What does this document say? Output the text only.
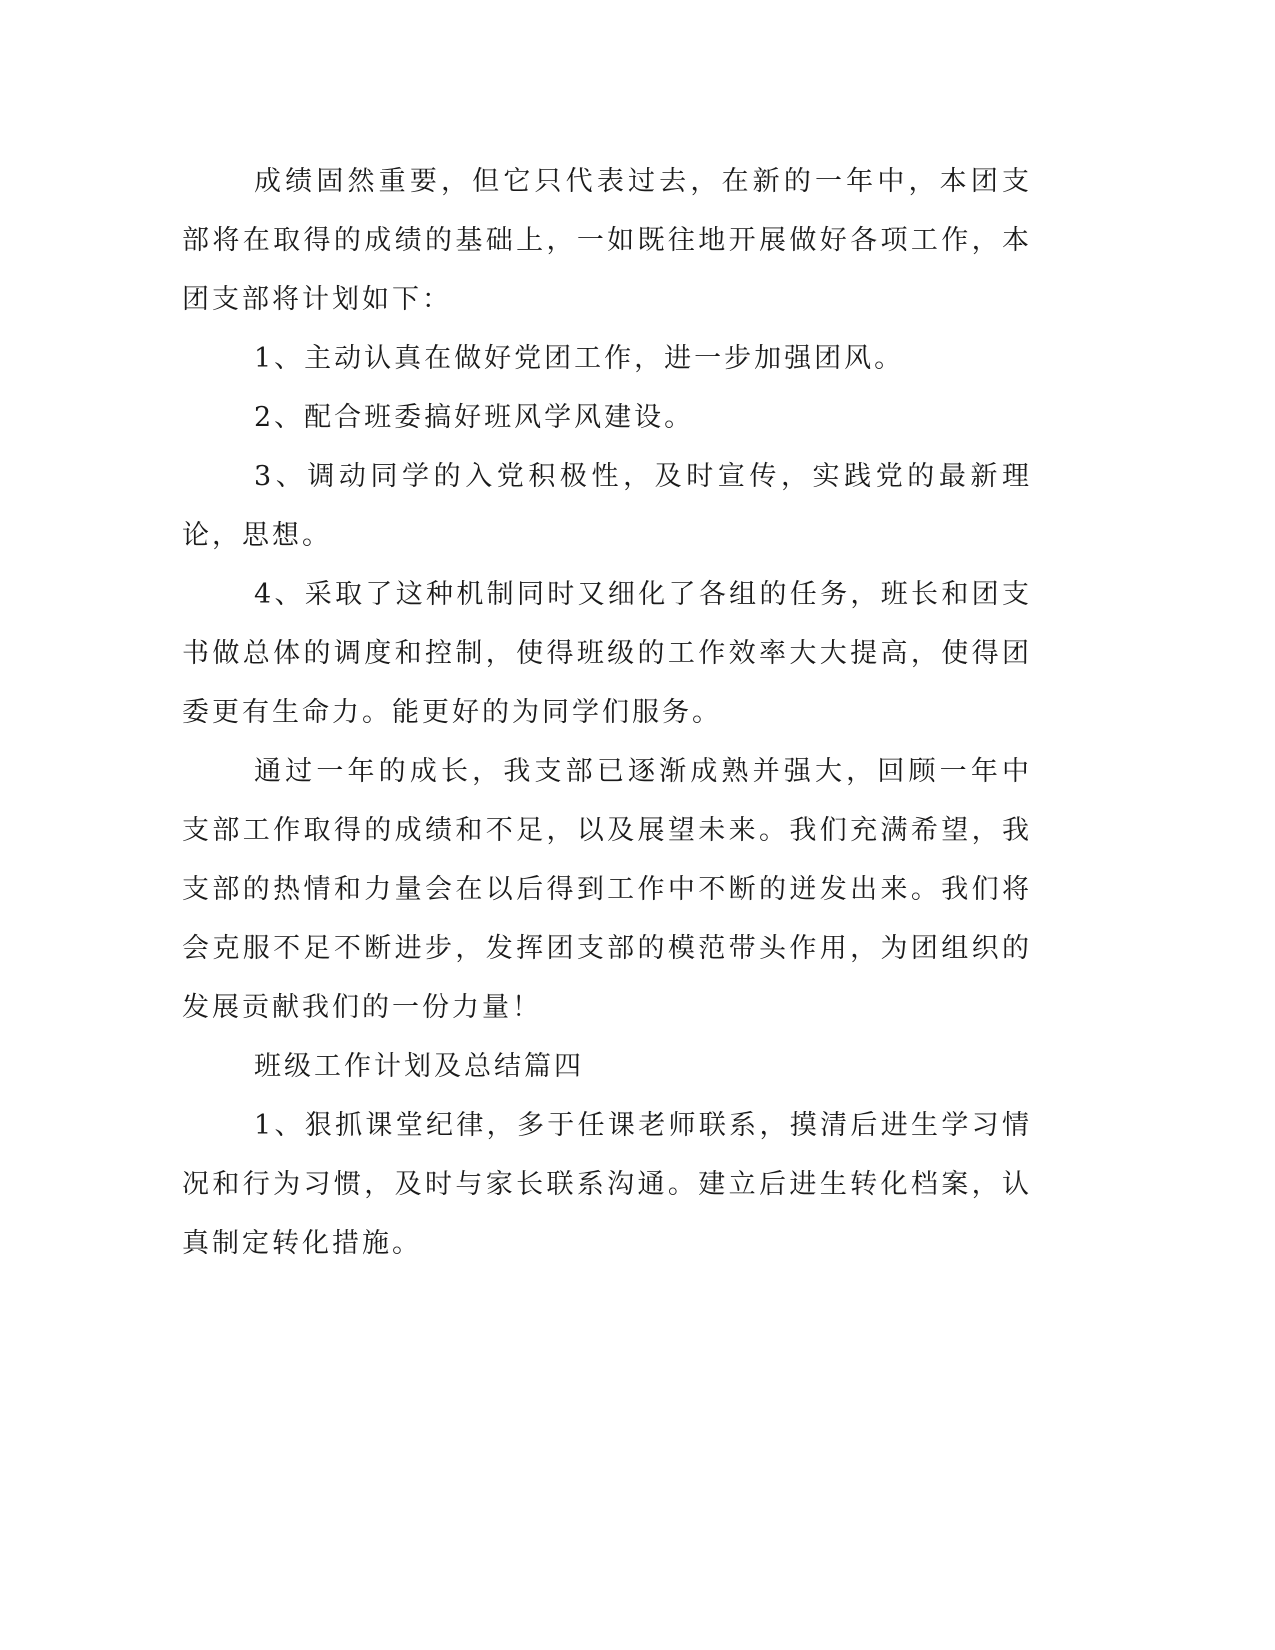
成绩固然重要，但它只代表过去，在新的一年中，本团支部将在取得的成绩的基础上，一如既往地开展做好各项工作，本团支部将计划如下：

1、主动认真在做好党团工作，进一步加强团风。

2、配合班委搞好班风学风建设。

3、调动同学的入党积极性，及时宣传，实践党的最新理论，思想。

4、采取了这种机制同时又细化了各组的任务，班长和团支书做总体的调度和控制，使得班级的工作效率大大提高，使得团委更有生命力。能更好的为同学们服务。

通过一年的成长，我支部已逐渐成熟并强大，回顾一年中支部工作取得的成绩和不足，以及展望未来。我们充满希望，我支部的热情和力量会在以后得到工作中不断的迸发出来。我们将会克服不足不断进步，发挥团支部的模范带头作用，为团组织的发展贡献我们的一份力量！

班级工作计划及总结篇四

1、狠抓课堂纪律，多于任课老师联系，摸清后进生学习情况和行为习惯，及时与家长联系沟通。建立后进生转化档案，认真制定转化措施。
